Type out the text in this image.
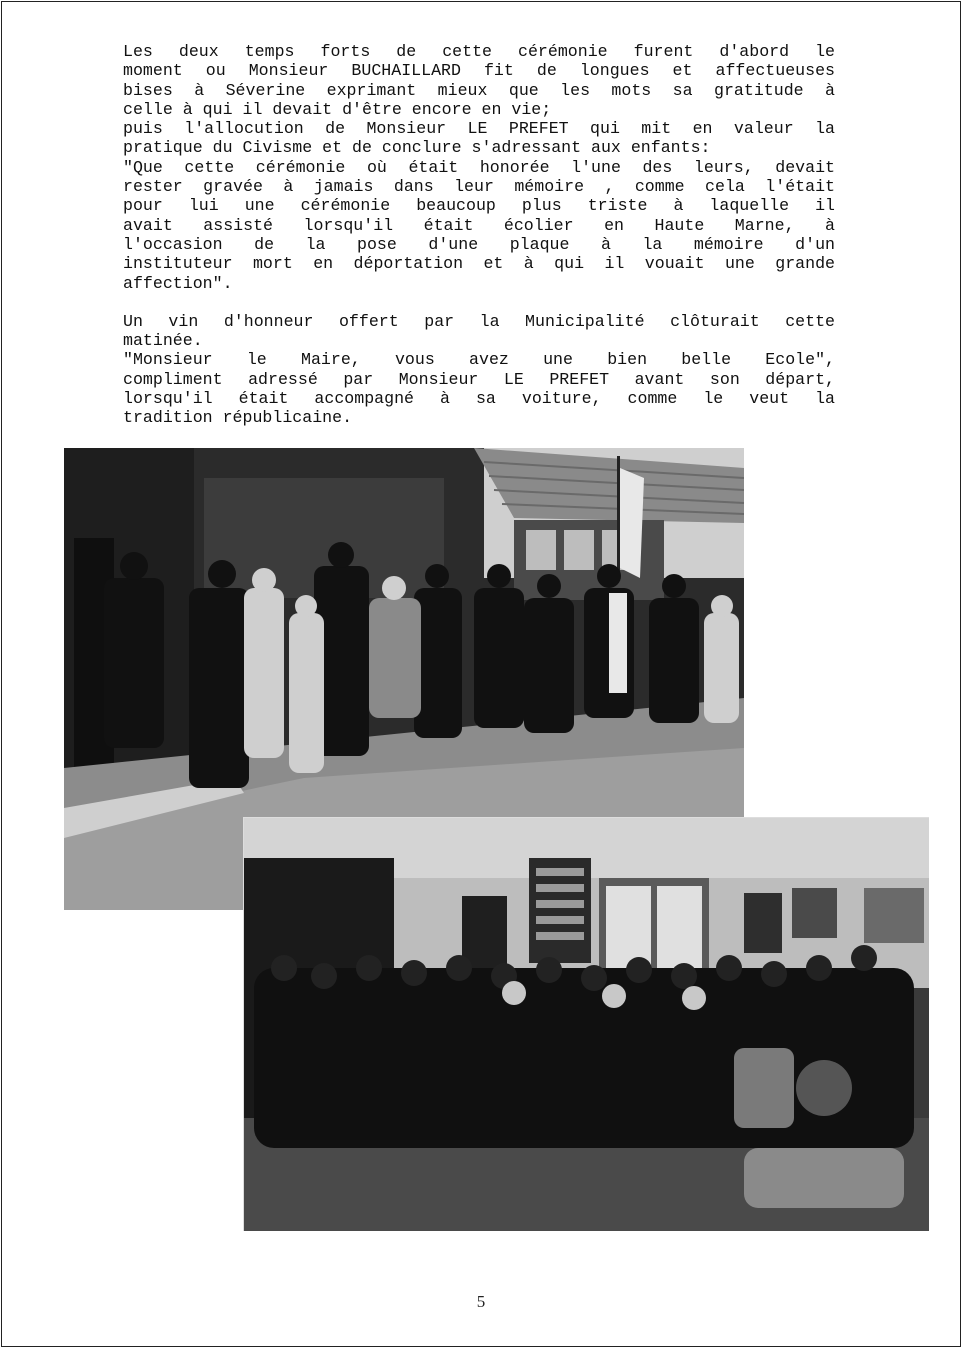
Les deux temps forts de cette cérémonie furent d'abord le

moment ou Monsieur BUCHAILLARD fit de longues et affectueuses

bises à Séverine exprimant mieux que les mots sa gratitude à

celle à qui il devait d'être encore en vie;

puis l'allocution de Monsieur LE PREFET qui mit en valeur la

pratique du Civisme et de conclure s'adressant aux enfants:

"Que cette cérémonie où était honorée l'une des leurs, devait

rester gravée à jamais dans leur mémoire , comme cela l'était

pour lui une cérémonie beaucoup plus triste à laquelle il

avait assisté lorsqu'il était écolier en Haute Marne, à

l'occasion de la pose d'une plaque à la mémoire d'un

instituteur mort en déportation et à qui il vouait une grande

affection".

Un vin d'honneur offert par la Municipalité clôturait cette

matinée.

"Monsieur le Maire, vous avez une bien belle Ecole",

compliment adressé par Monsieur LE PREFET avant son départ,

lorsqu'il était accompagné à sa voiture, comme le veut la

tradition républicaine.

5
